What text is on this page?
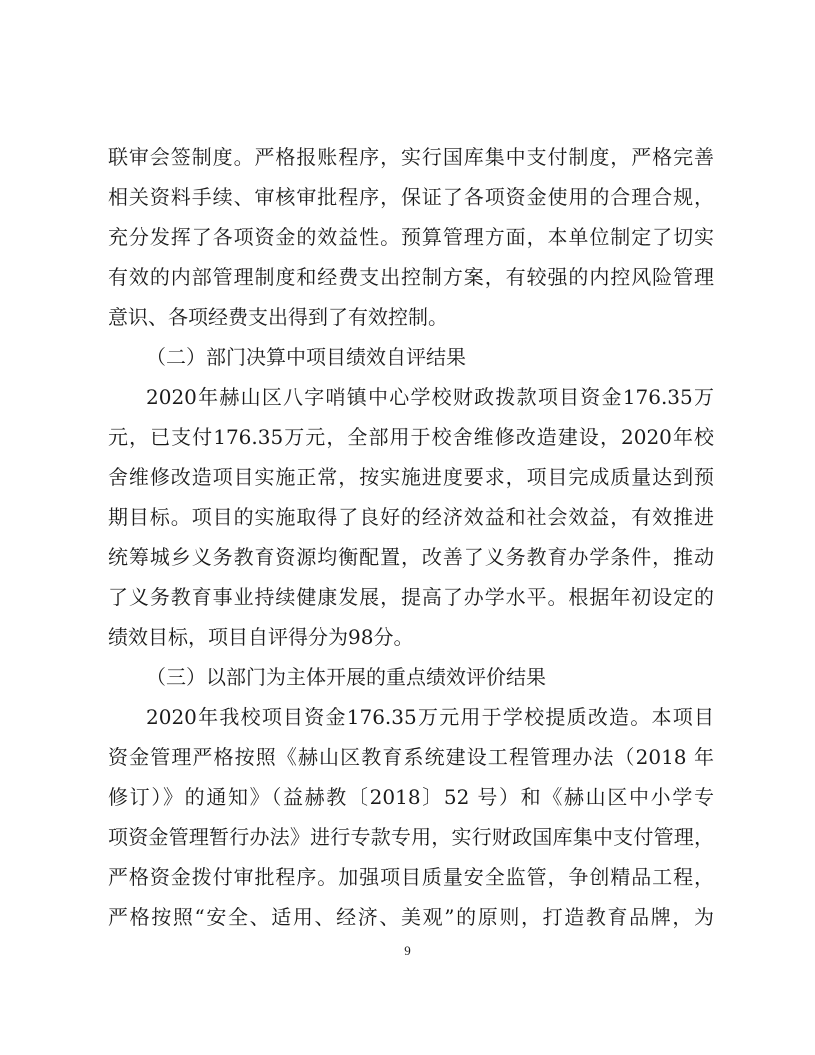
联审会签制度。严格报账程序，实行国库集中支付制度，严格完善
相关资料手续、审核审批程序，保证了各项资金使用的合理合规，
充分发挥了各项资金的效益性。预算管理方面，本单位制定了切实
有效的内部管理制度和经费支出控制方案，有较强的内控风险管理
意识、各项经费支出得到了有效控制。
（二）部门决算中项目绩效自评结果
2020年赫山区八字哨镇中心学校财政拨款项目资金176.35万
元，已支付176.35万元，全部用于校舍维修改造建设，2020年校
舍维修改造项目实施正常，按实施进度要求，项目完成质量达到预
期目标。项目的实施取得了良好的经济效益和社会效益，有效推进
统筹城乡义务教育资源均衡配置，改善了义务教育办学条件，推动
了义务教育事业持续健康发展，提高了办学水平。根据年初设定的
绩效目标，项目自评得分为98分。
（三）以部门为主体开展的重点绩效评价结果
2020年我校项目资金176.35万元用于学校提质改造。本项目
资金管理严格按照《赫山区教育系统建设工程管理办法（2018 年
修订）》的通知》（益赫教〔2018〕52 号）和《赫山区中小学专
项资金管理暂行办法》进行专款专用，实行财政国库集中支付管理，
严格资金拨付审批程序。加强项目质量安全监管，争创精品工程，
严格按照“安全、适用、经济、美观”的原则，打造教育品牌，为
9
